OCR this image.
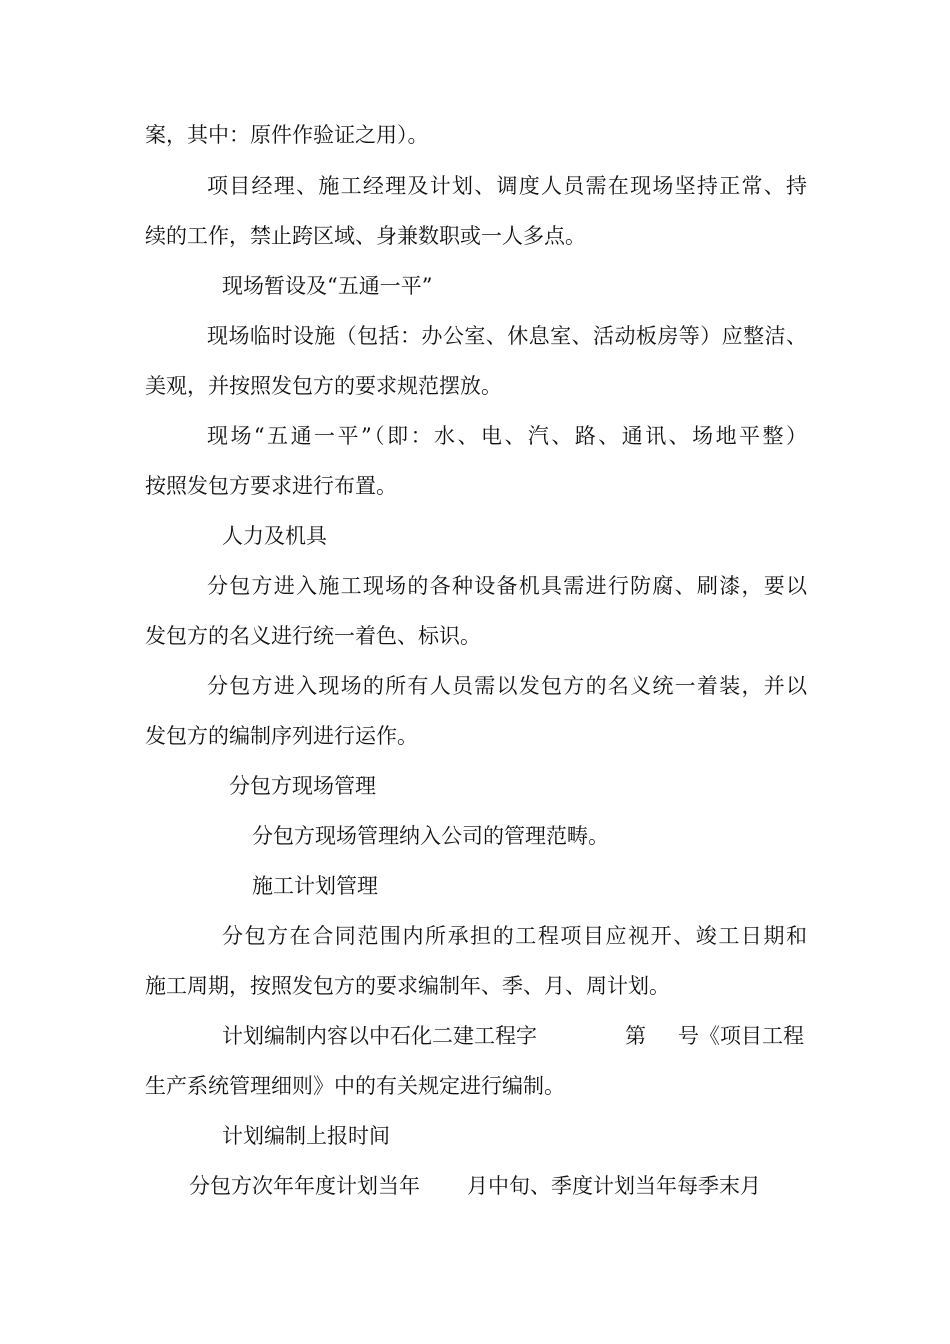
案，其中：原件作验证之用）。
项目经理、施工经理及计划、调度人员需在现场坚持正常、持
续的工作，禁止跨区域、身兼数职或一人多点。
现场暂设及“五通一平”
现场临时设施（包括：办公室、休息室、活动板房等）应整洁、
美观，并按照发包方的要求规范摆放。
现场“五通一平”（即：水、电、汽、路、通讯、场地平整）
按照发包方要求进行布置。
人力及机具
分包方进入施工现场的各种设备机具需进行防腐、刷漆，要以
发包方的名义进行统一着色、标识。
分包方进入现场的所有人员需以发包方的名义统一着装，并以
发包方的编制序列进行运作。
分包方现场管理
分包方现场管理纳入公司的管理范畴。
施工计划管理
分包方在合同范围内所承担的工程项目应视开、竣工日期和
施工周期，按照发包方的要求编制年、季、月、周计划。
计划编制内容以中石化二建工程字	第 号《项目工程
生产系统管理细则》中的有关规定进行编制。
计划编制上报时间
分包方次年年度计划当年 月中旬、季度计划当年每季末月
